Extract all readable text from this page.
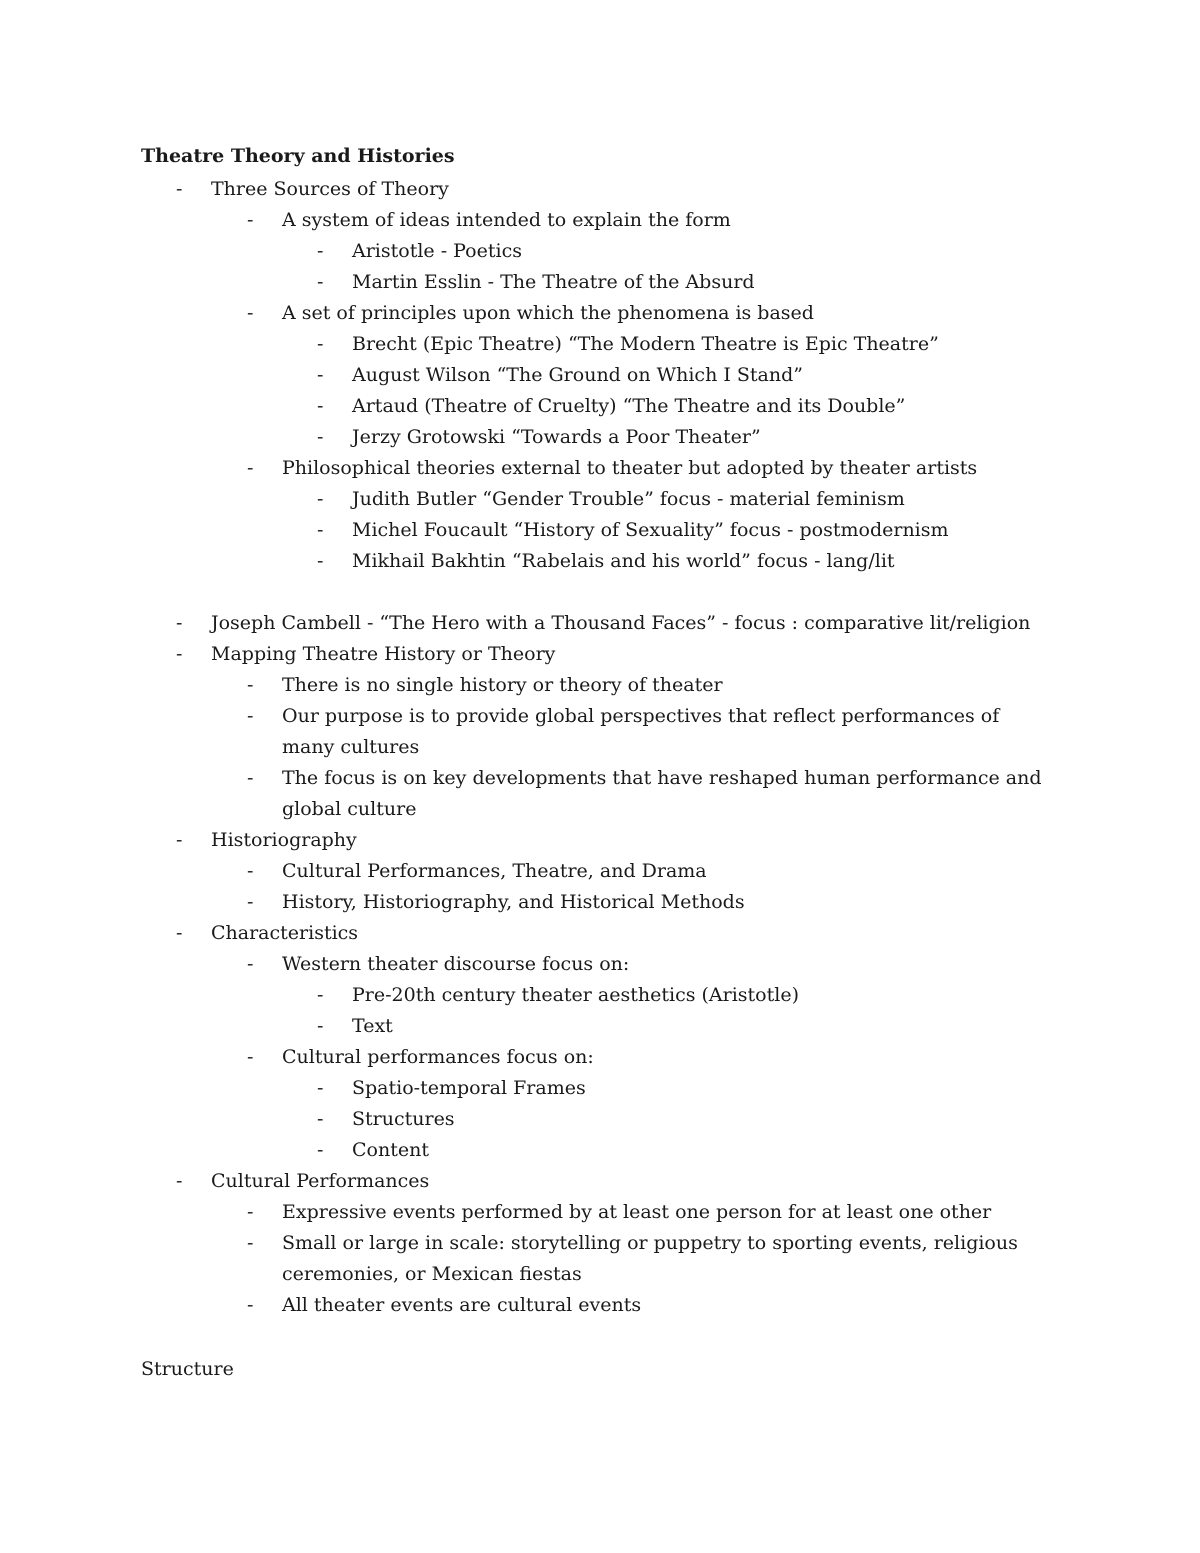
Theatre Theory and Histories
-	Three Sources of Theory
-	A system of ideas intended to explain the form
-	Aristotle - Poetics
-	Martin Esslin - The Theatre of the Absurd
-	A set of principles upon which the phenomena is based
-	Brecht (Epic Theatre) “The Modern Theatre is Epic Theatre”
-	August Wilson “The Ground on Which I Stand”
-	Artaud (Theatre of Cruelty) “The Theatre and its Double”
-	Jerzy Grotowski “Towards a Poor Theater”
-	Philosophical theories external to theater but adopted by theater artists
-	Judith Butler “Gender Trouble” focus - material feminism
-	Michel Foucault “History of Sexuality” focus - postmodernism
-	Mikhail Bakhtin “Rabelais and his world” focus - lang/lit
-	Joseph Cambell - “The Hero with a Thousand Faces” - focus : comparative lit/religion
-	Mapping Theatre History or Theory
-	There is no single history or theory of theater
-	Our purpose is to provide global perspectives that reflect performances of many cultures
-	The focus is on key developments that have reshaped human performance and global culture
-	Historiography
-	Cultural Performances, Theatre, and Drama
-	History, Historiography, and Historical Methods
-	Characteristics
-	Western theater discourse focus on:
-	Pre-20th century theater aesthetics (Aristotle)
-	Text
-	Cultural performances focus on:
-	Spatio-temporal Frames
-	Structures
-	Content
-	Cultural Performances
-	Expressive events performed by at least one person for at least one other
-	Small or large in scale: storytelling or puppetry to sporting events, religious ceremonies, or Mexican fiestas
-	All theater events are cultural events
Structure
